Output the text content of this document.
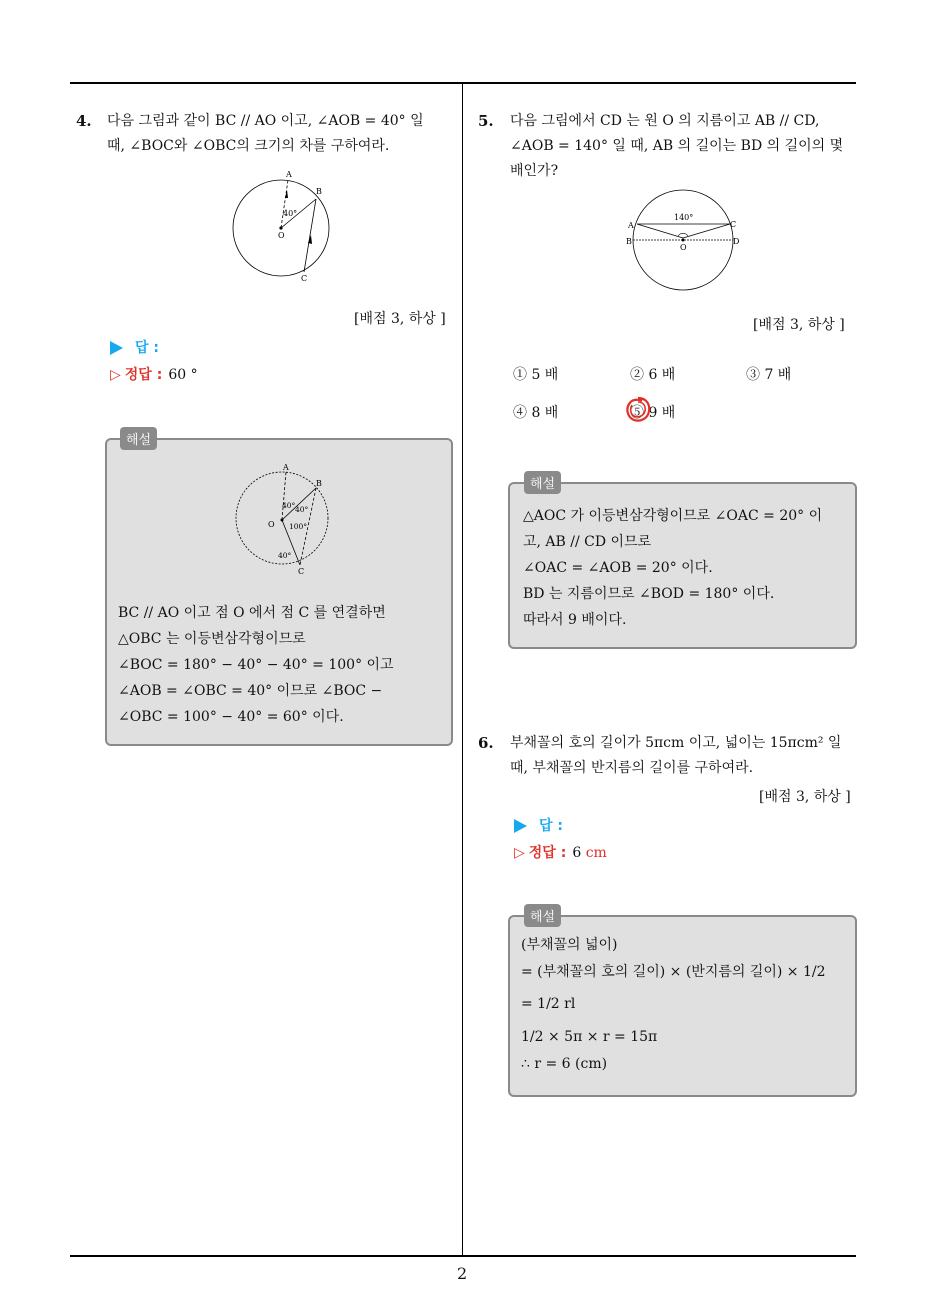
2
4. 다음 그림과 같이 BC // AO 이고, ∠AOB = 40° 일
때, ∠BOC와 ∠OBC의 크기의 차를 구하여라.
A
B
O
C
40°
[배점 3, 하상 ]
답 :
▷ 정답 : 60 °
해설
A
B
O
C
40° 40°
100°
40°
BC // AO 이고 점 O 에서 점 C 를 연결하면
△OBC 는 이등변삼각형이므로
∠BOC = 180° − 40° − 40° = 100° 이고
∠AOB = ∠OBC = 40° 이므로 ∠BOC −
∠OBC = 100° − 40° = 60° 이다.
5. 다음 그림에서 CD 는 원 O 의 지름이고 AB // CD,
∠AOB = 140° 일 때, AB 의 길이는 BD 의 길이의 몇
배인가?
A
B
C
D
O
140°
[배점 3, 하상 ]
① 5 배	② 6 배	③ 7 배
④ 8 배	⑤ 9 배
해설
△AOC 가 이등변삼각형이므로 ∠OAC = 20° 이
고, AB // CD 이므로
∠OAC = ∠AOB = 20° 이다.
BD 는 지름이므로 ∠BOD = 180° 이다.
따라서 9 배이다.
6. 부채꼴의 호의 길이가 5πcm 이고, 넓이는 15πcm² 일
때, 부채꼴의 반지름의 길이를 구하여라.
[배점 3, 하상 ]
답 :
▷ 정답 : 6 cm
해설
(부채꼴의 넓이)
= (부채꼴의 호의 길이) × (반지름의 길이) × 1/2
= 1/2 rl
1/2 × 5π × r = 15π
∴ r = 6 (cm)
